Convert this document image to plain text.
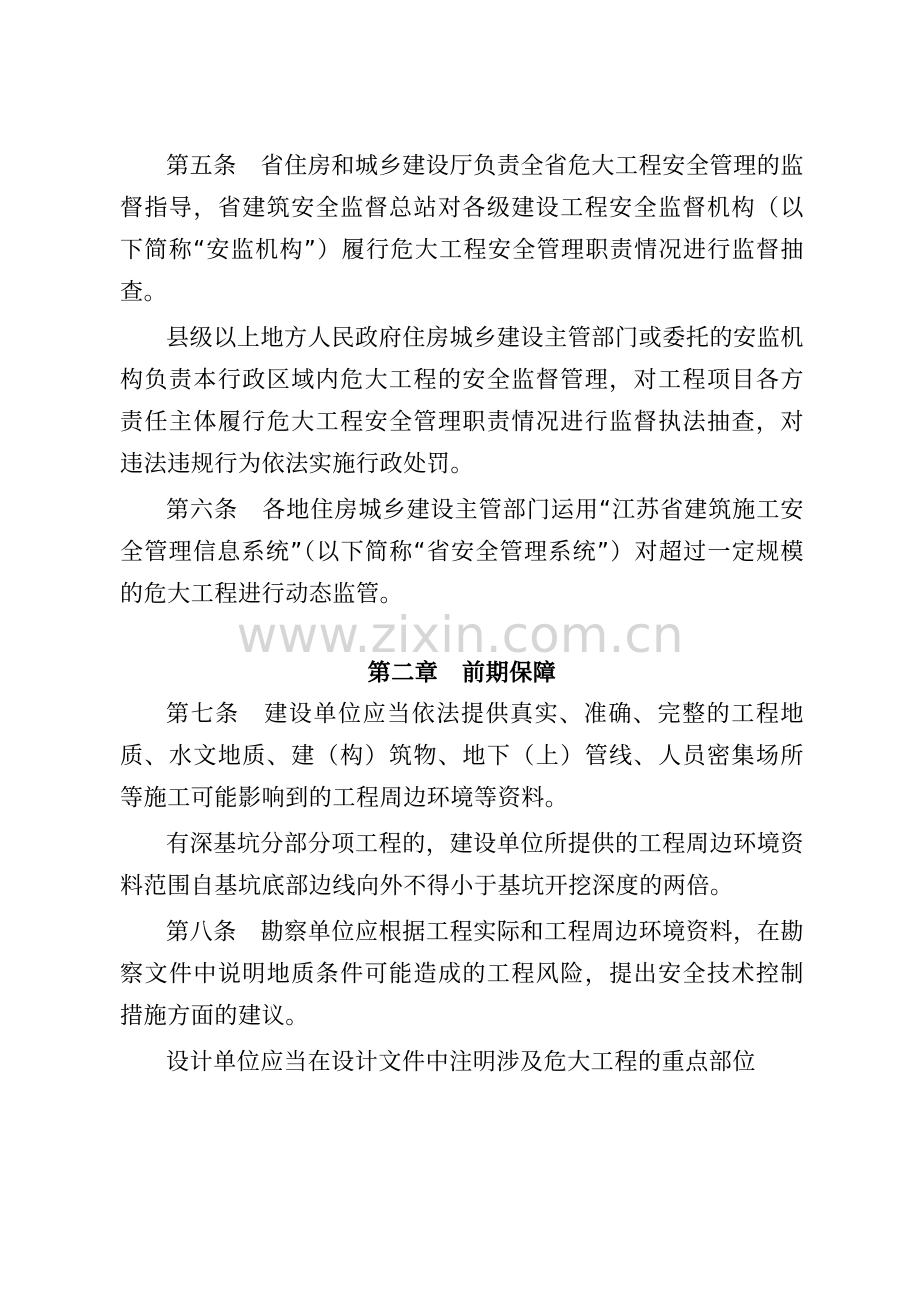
第五条　省住房和城乡建设厅负责全省危大工程安全管理的监督指导，省建筑安全监督总站对各级建设工程安全监督机构（以下简称“安监机构”）履行危大工程安全管理职责情况进行监督抽查。

县级以上地方人民政府住房城乡建设主管部门或委托的安监机构负责本行政区域内危大工程的安全监督管理，对工程项目各方责任主体履行危大工程安全管理职责情况进行监督执法抽查，对违法违规行为依法实施行政处罚。

第六条　各地住房城乡建设主管部门运用“江苏省建筑施工安全管理信息系统”（以下简称“省安全管理系统”）对超过一定规模的危大工程进行动态监管。

第二章　前期保障

第七条　建设单位应当依法提供真实、准确、完整的工程地质、水文地质、建（构）筑物、地下（上）管线、人员密集场所等施工可能影响到的工程周边环境等资料。

有深基坑分部分项工程的，建设单位所提供的工程周边环境资料范围自基坑底部边线向外不得小于基坑开挖深度的两倍。

第八条　勘察单位应根据工程实际和工程周边环境资料，在勘察文件中说明地质条件可能造成的工程风险，提出安全技术控制措施方面的建议。

设计单位应当在设计文件中注明涉及危大工程的重点部位

www.zixin.com.cn
